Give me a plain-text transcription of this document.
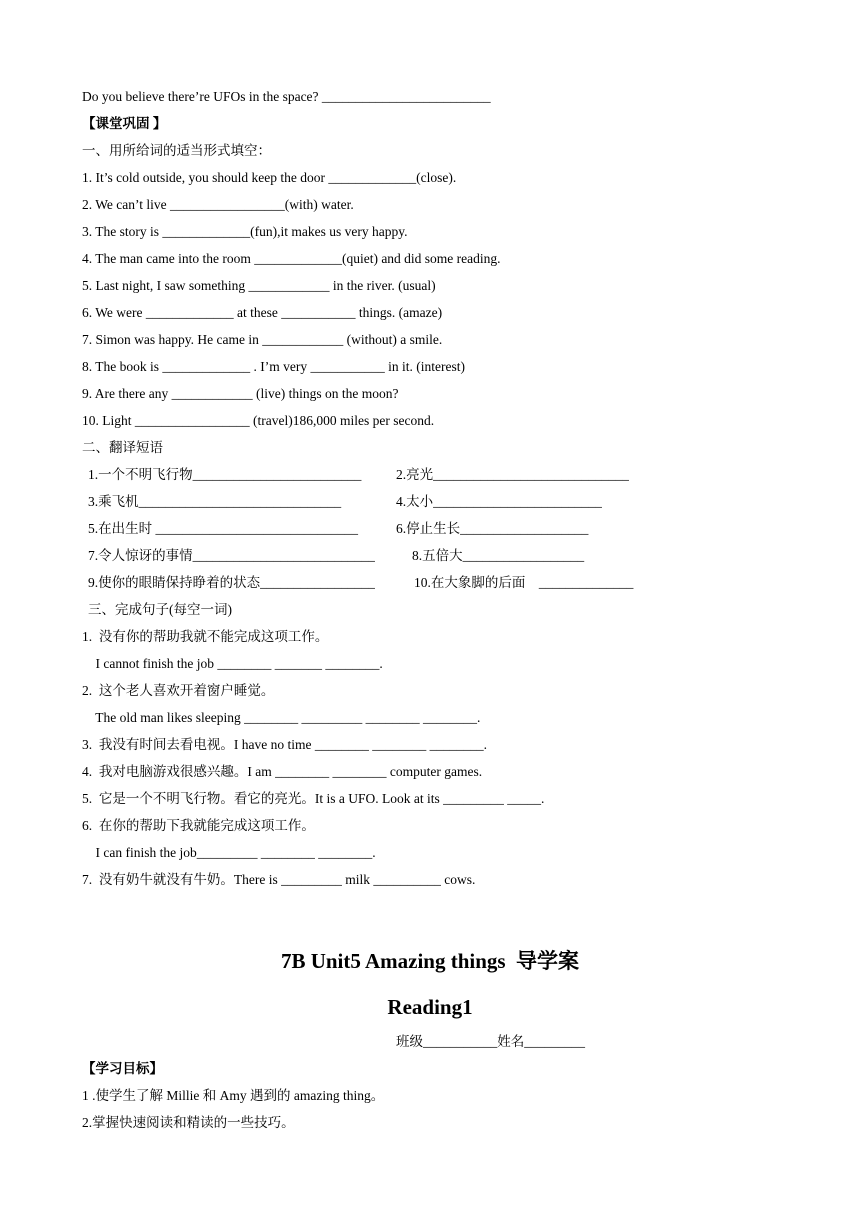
Do you believe there’re UFOs in the space? _________________________
【课堂巩固 】
一、用所给词的适当形式填空：
1. It’s cold outside, you should keep the door _____________(close).
2. We can’t live _________________(with) water.
3. The story is _____________(fun),it makes us very happy.
4. The man came into the room _____________(quiet) and did some reading.
5. Last night, I saw something ____________ in the river. (usual)
6. We were _____________ at these ___________ things. (amaze)
7. Simon was happy. He came in ____________ (without) a smile.
8. The book is _____________ . I’m very ___________ in it. (interest)
9. Are there any ____________ (live) things on the moon?
10. Light _________________ (travel)186,000 miles per second.
二、翻译短语
1.一个不明飞行物_________________________	2.亮光_____________________________
3.乘飞机______________________________	4.太小_________________________
5.在出生时 ______________________________	6.停止生长___________________
7.令人惊讶的事情___________________________	8.五倍大__________________
9.使你的眼睛保持睁着的状态_________________	10.在大象脚的后面    ______________
三、完成句子(每空一词)
1.  没有你的帮助我就不能完成这项工作。
I cannot finish the job ________ _______ ________.
2.  这个老人喜欢开着窗户睡觉。
The old man likes sleeping ________ _________ ________ ________.
3.  我没有时间去看电视。I have no time ________ ________ ________.
4.  我对电脑游戏很感兴趣。I am ________ ________ computer games.
5.  它是一个不明飞行物。看它的亮光。It is a UFO. Look at its _________ _____.
6.  在你的帮助下我就能完成这项工作。
I can finish the job_________ ________ ________.
7.  没有奶牛就没有牛奶。There is _________ milk __________ cows.
7B Unit5 Amazing things  导学案
Reading1
班级___________姓名_________
【学习目标】
1 .使学生了解 Millie 和 Amy 遇到的 amazing thing。
2.掌握快速阅读和精读的一些技巧。
